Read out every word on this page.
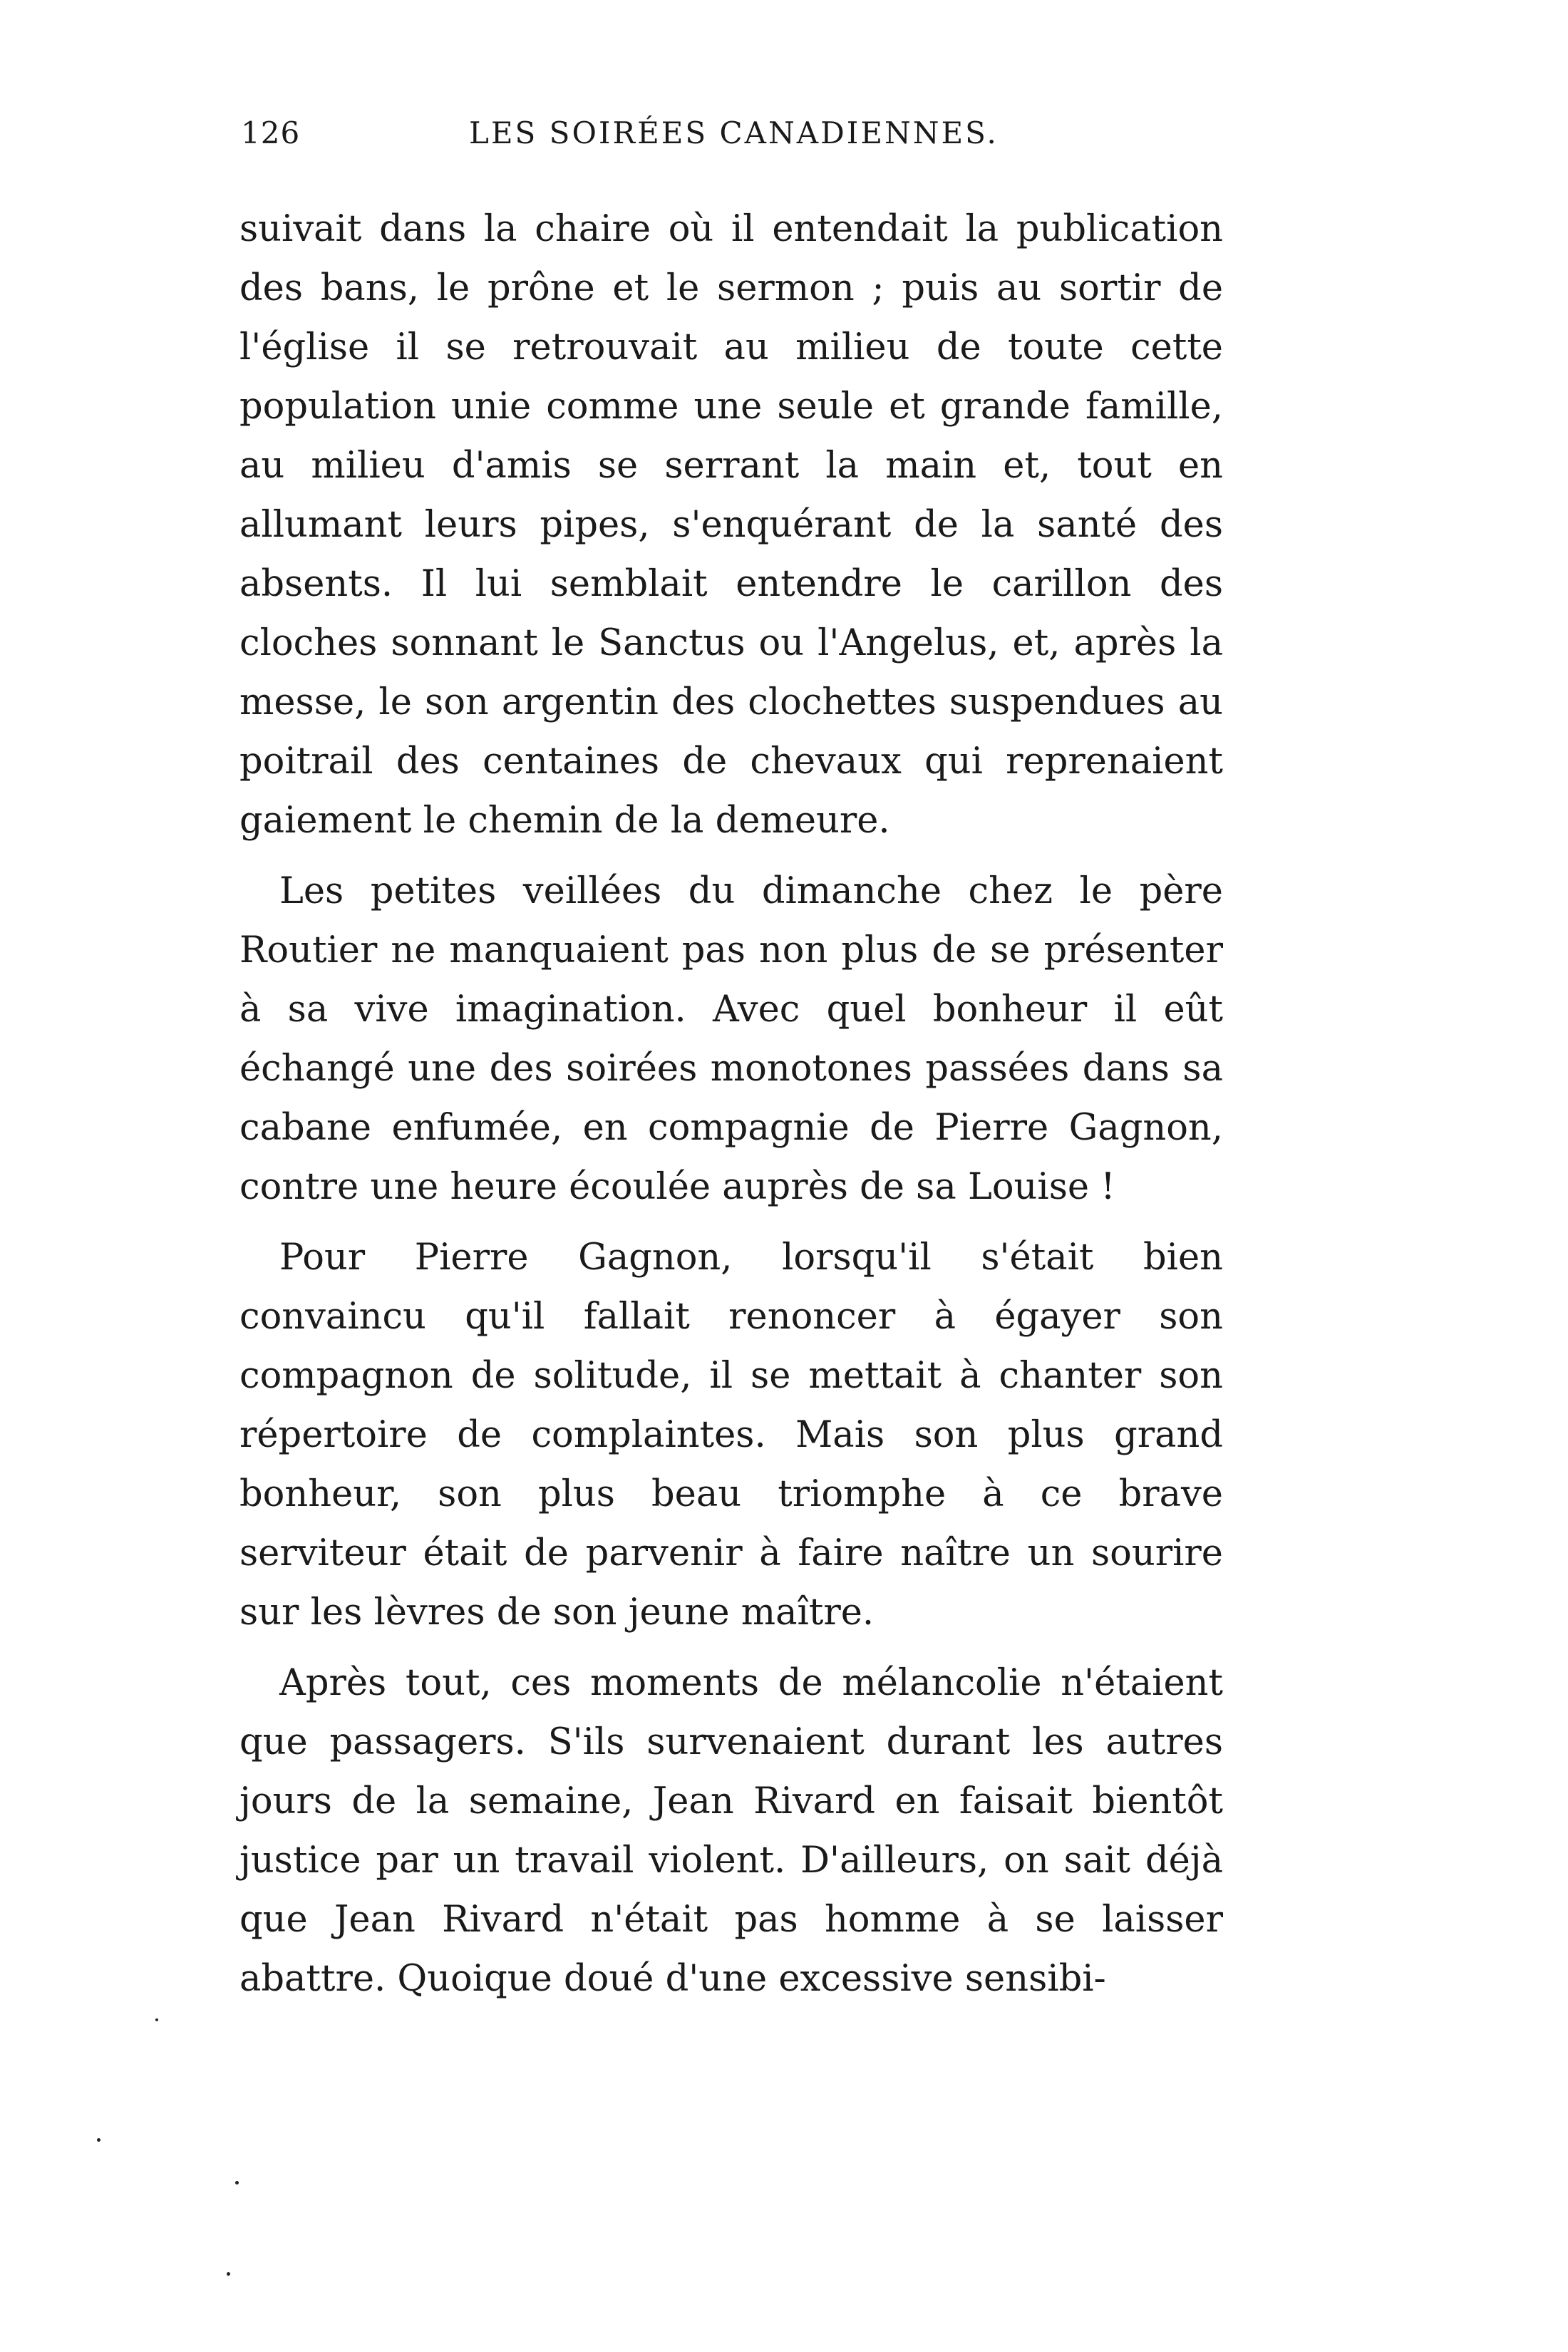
126	LES SOIRÉES CANADIENNES.

suivait dans la chaire où il entendait la publication des bans, le prône et le sermon ; puis au sortir de l'église il se retrouvait au milieu de toute cette population unie comme une seule et grande famille, au milieu d'amis se serrant la main et, tout en allumant leurs pipes, s'enquérant de la santé des absents. Il lui semblait entendre le carillon des cloches sonnant le Sanctus ou l'Angelus, et, après la messe, le son argentin des clochettes suspendues au poitrail des centaines de chevaux qui reprenaient gaiement le chemin de la demeure.

Les petites veillées du dimanche chez le père Routier ne manquaient pas non plus de se présenter à sa vive imagination. Avec quel bonheur il eût échangé une des soirées monotones passées dans sa cabane enfumée, en compagnie de Pierre Gagnon, contre une heure écoulée auprès de sa Louise !

Pour Pierre Gagnon, lorsqu'il s'était bien convaincu qu'il fallait renoncer à égayer son compagnon de solitude, il se mettait à chanter son répertoire de complaintes. Mais son plus grand bonheur, son plus beau triomphe à ce brave serviteur était de parvenir à faire naître un sourire sur les lèvres de son jeune maître.

Après tout, ces moments de mélancolie n'étaient que passagers. S'ils survenaient durant les autres jours de la semaine, Jean Rivard en faisait bientôt justice par un travail violent. D'ailleurs, on sait déjà que Jean Rivard n'était pas homme à se laisser abattre. Quoique doué d'une excessive sensibi-
